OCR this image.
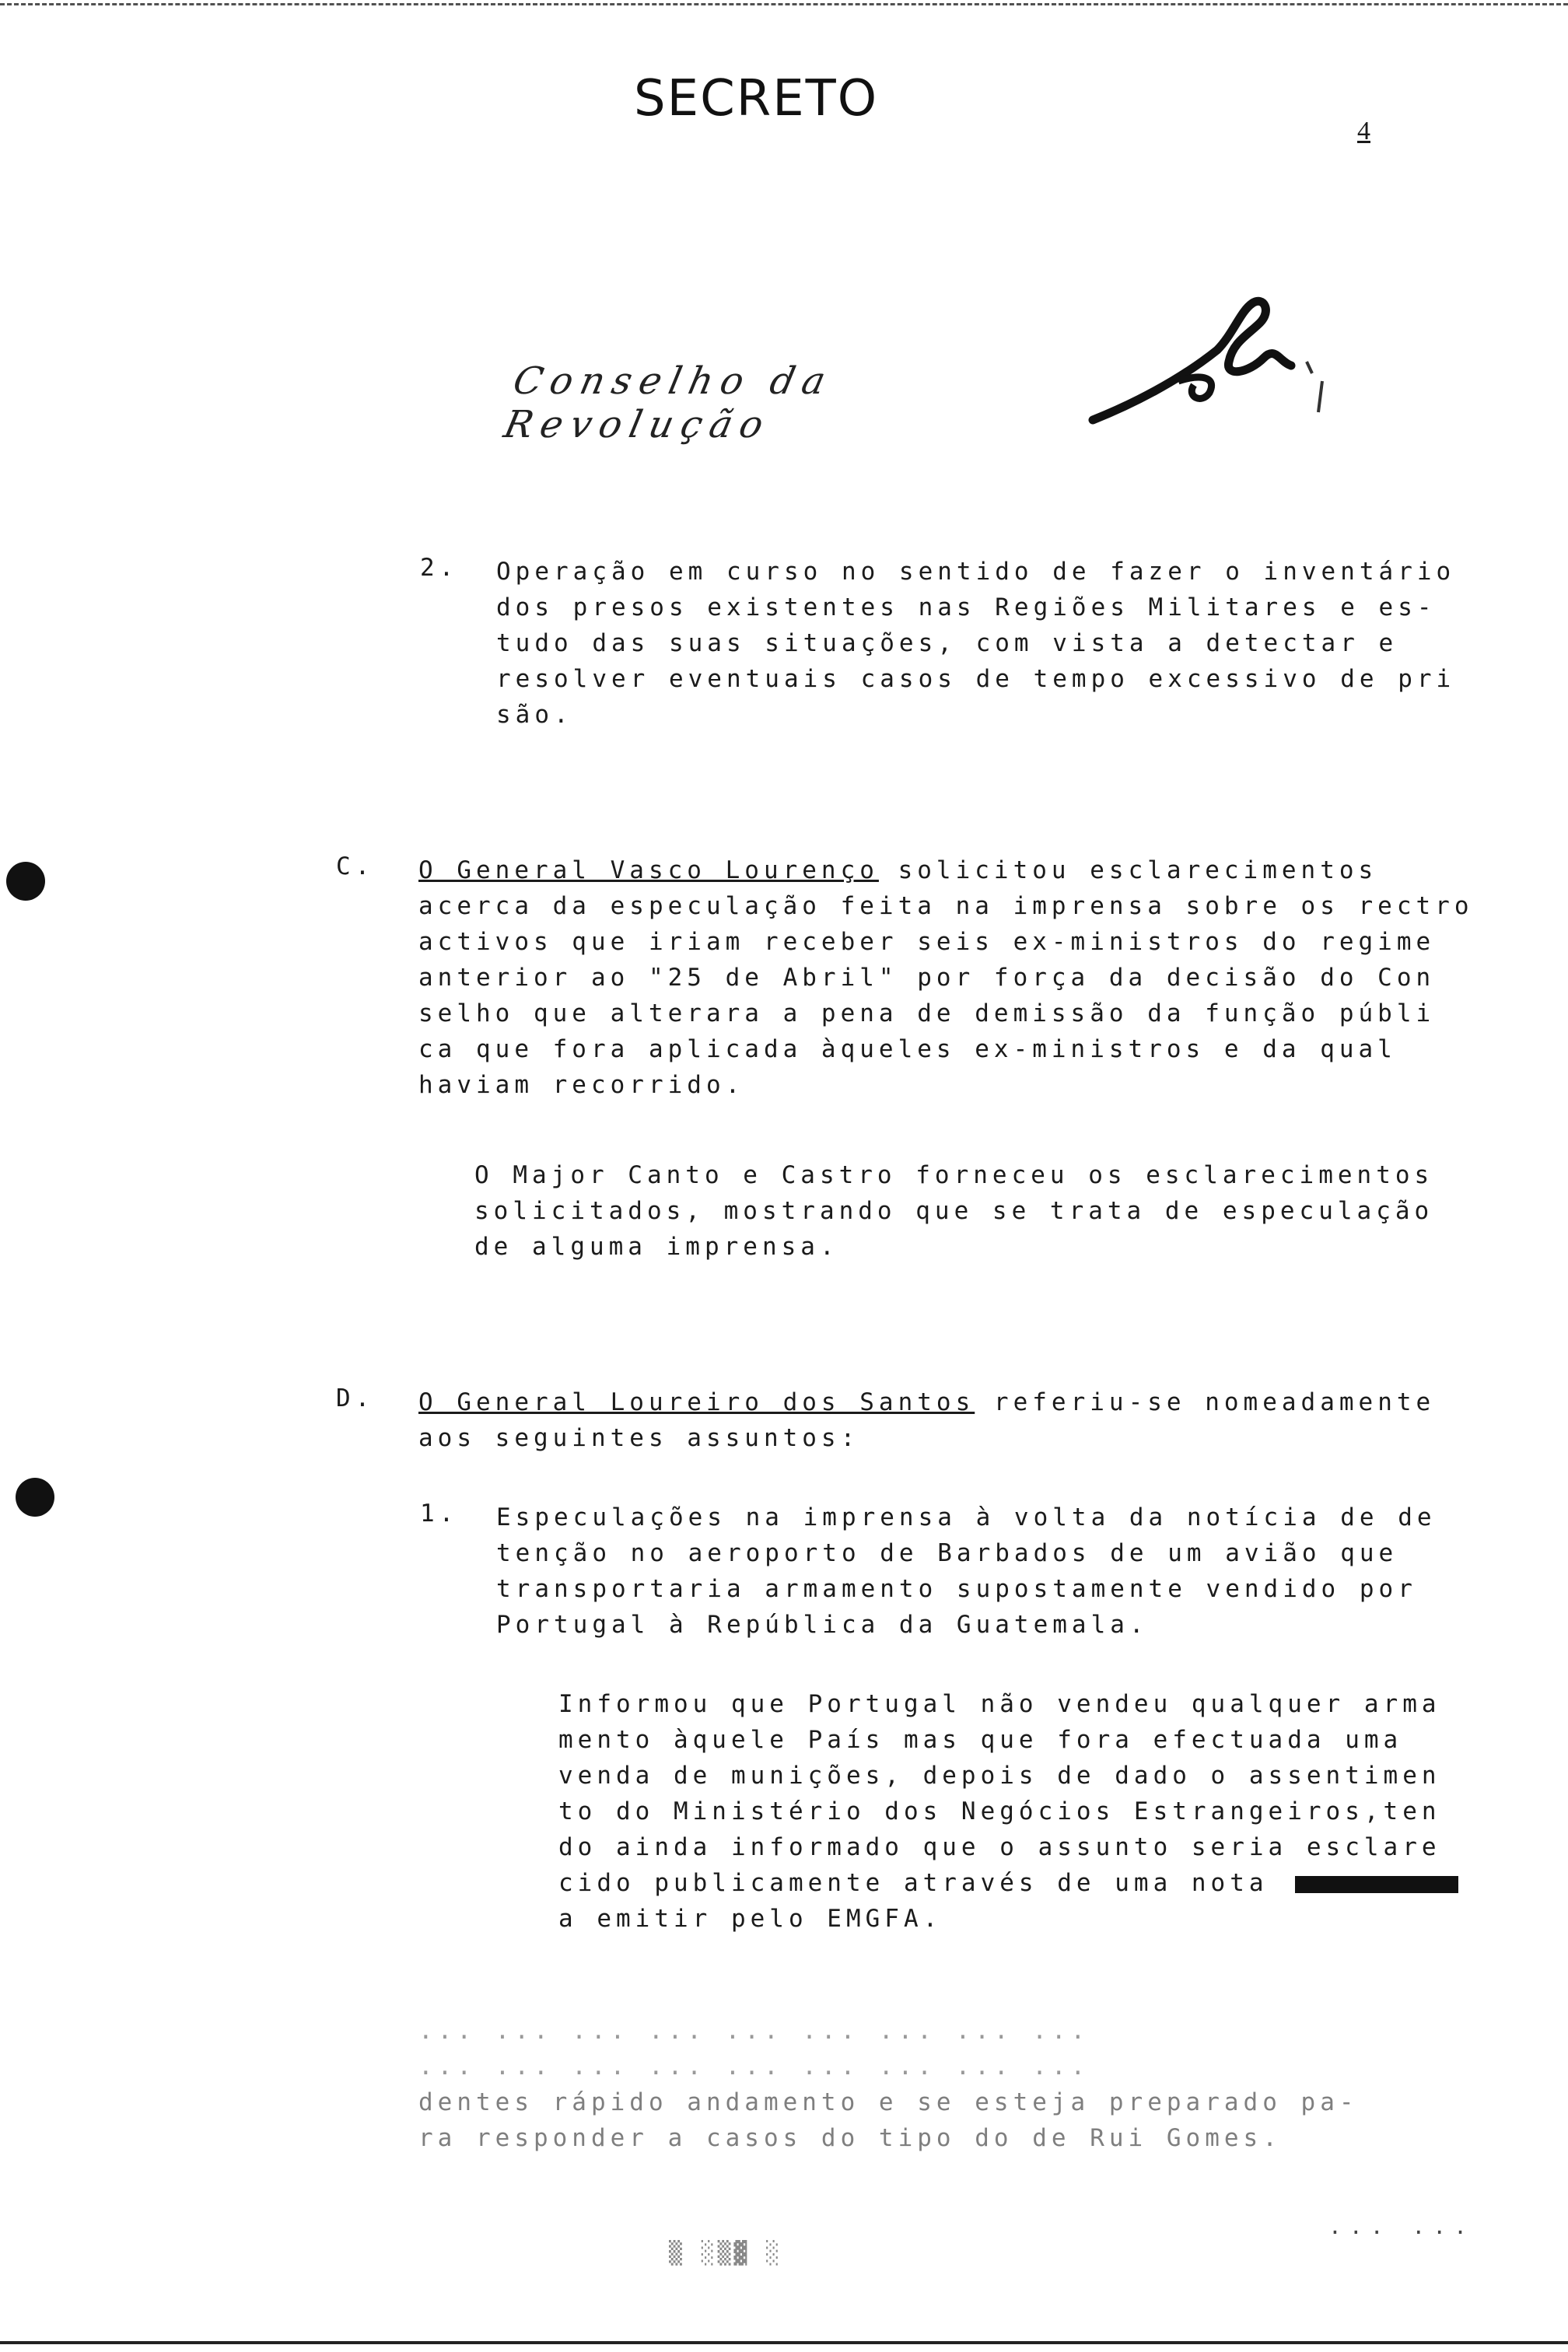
SECRETO
4
Conselho da Revolução
2. Operação em curso no sentido de fazer o inventário
dos presos existentes nas Regiões Militares e es-
tudo das suas situações, com vista a detectar e
resolver eventuais casos de tempo excessivo de pri
são.
C. O General Vasco Lourenço solicitou esclarecimentos
acerca da especulação feita na imprensa sobre os rectro
activos que iriam receber seis ex-ministros do regime
anterior ao "25 de Abril" por força da decisão do Con
selho que alterara a pena de demissão da função públi
ca que fora aplicada àqueles ex-ministros e da qual
haviam recorrido.
O Major Canto e Castro forneceu os esclarecimentos
solicitados, mostrando que se trata de especulação
de alguma imprensa.
D. O General Loureiro dos Santos referiu-se nomeadamente
aos seguintes assuntos:
1. Especulações na imprensa à volta da notícia de de
tenção no aeroporto de Barbados de um avião que
transportaria armamento supostamente vendido por
Portugal à República da Guatemala.
Informou que Portugal não vendeu qualquer arma
mento àquele País mas que fora efectuada uma
venda de munições, depois de dado o assentimen
to do Ministério dos Negócios Estrangeiros,ten
do ainda informado que o assunto seria esclare
cido publicamente através de uma nota
a emitir pelo EMGFA.
... ... ... ... ... ... ... ... ...
... ... ... ... ... ... ... ... ...
dentes rápido andamento e se esteja preparado pa-
ra responder a casos do tipo do de Rui Gomes.
▒ ░▒▓ ░
... ...
